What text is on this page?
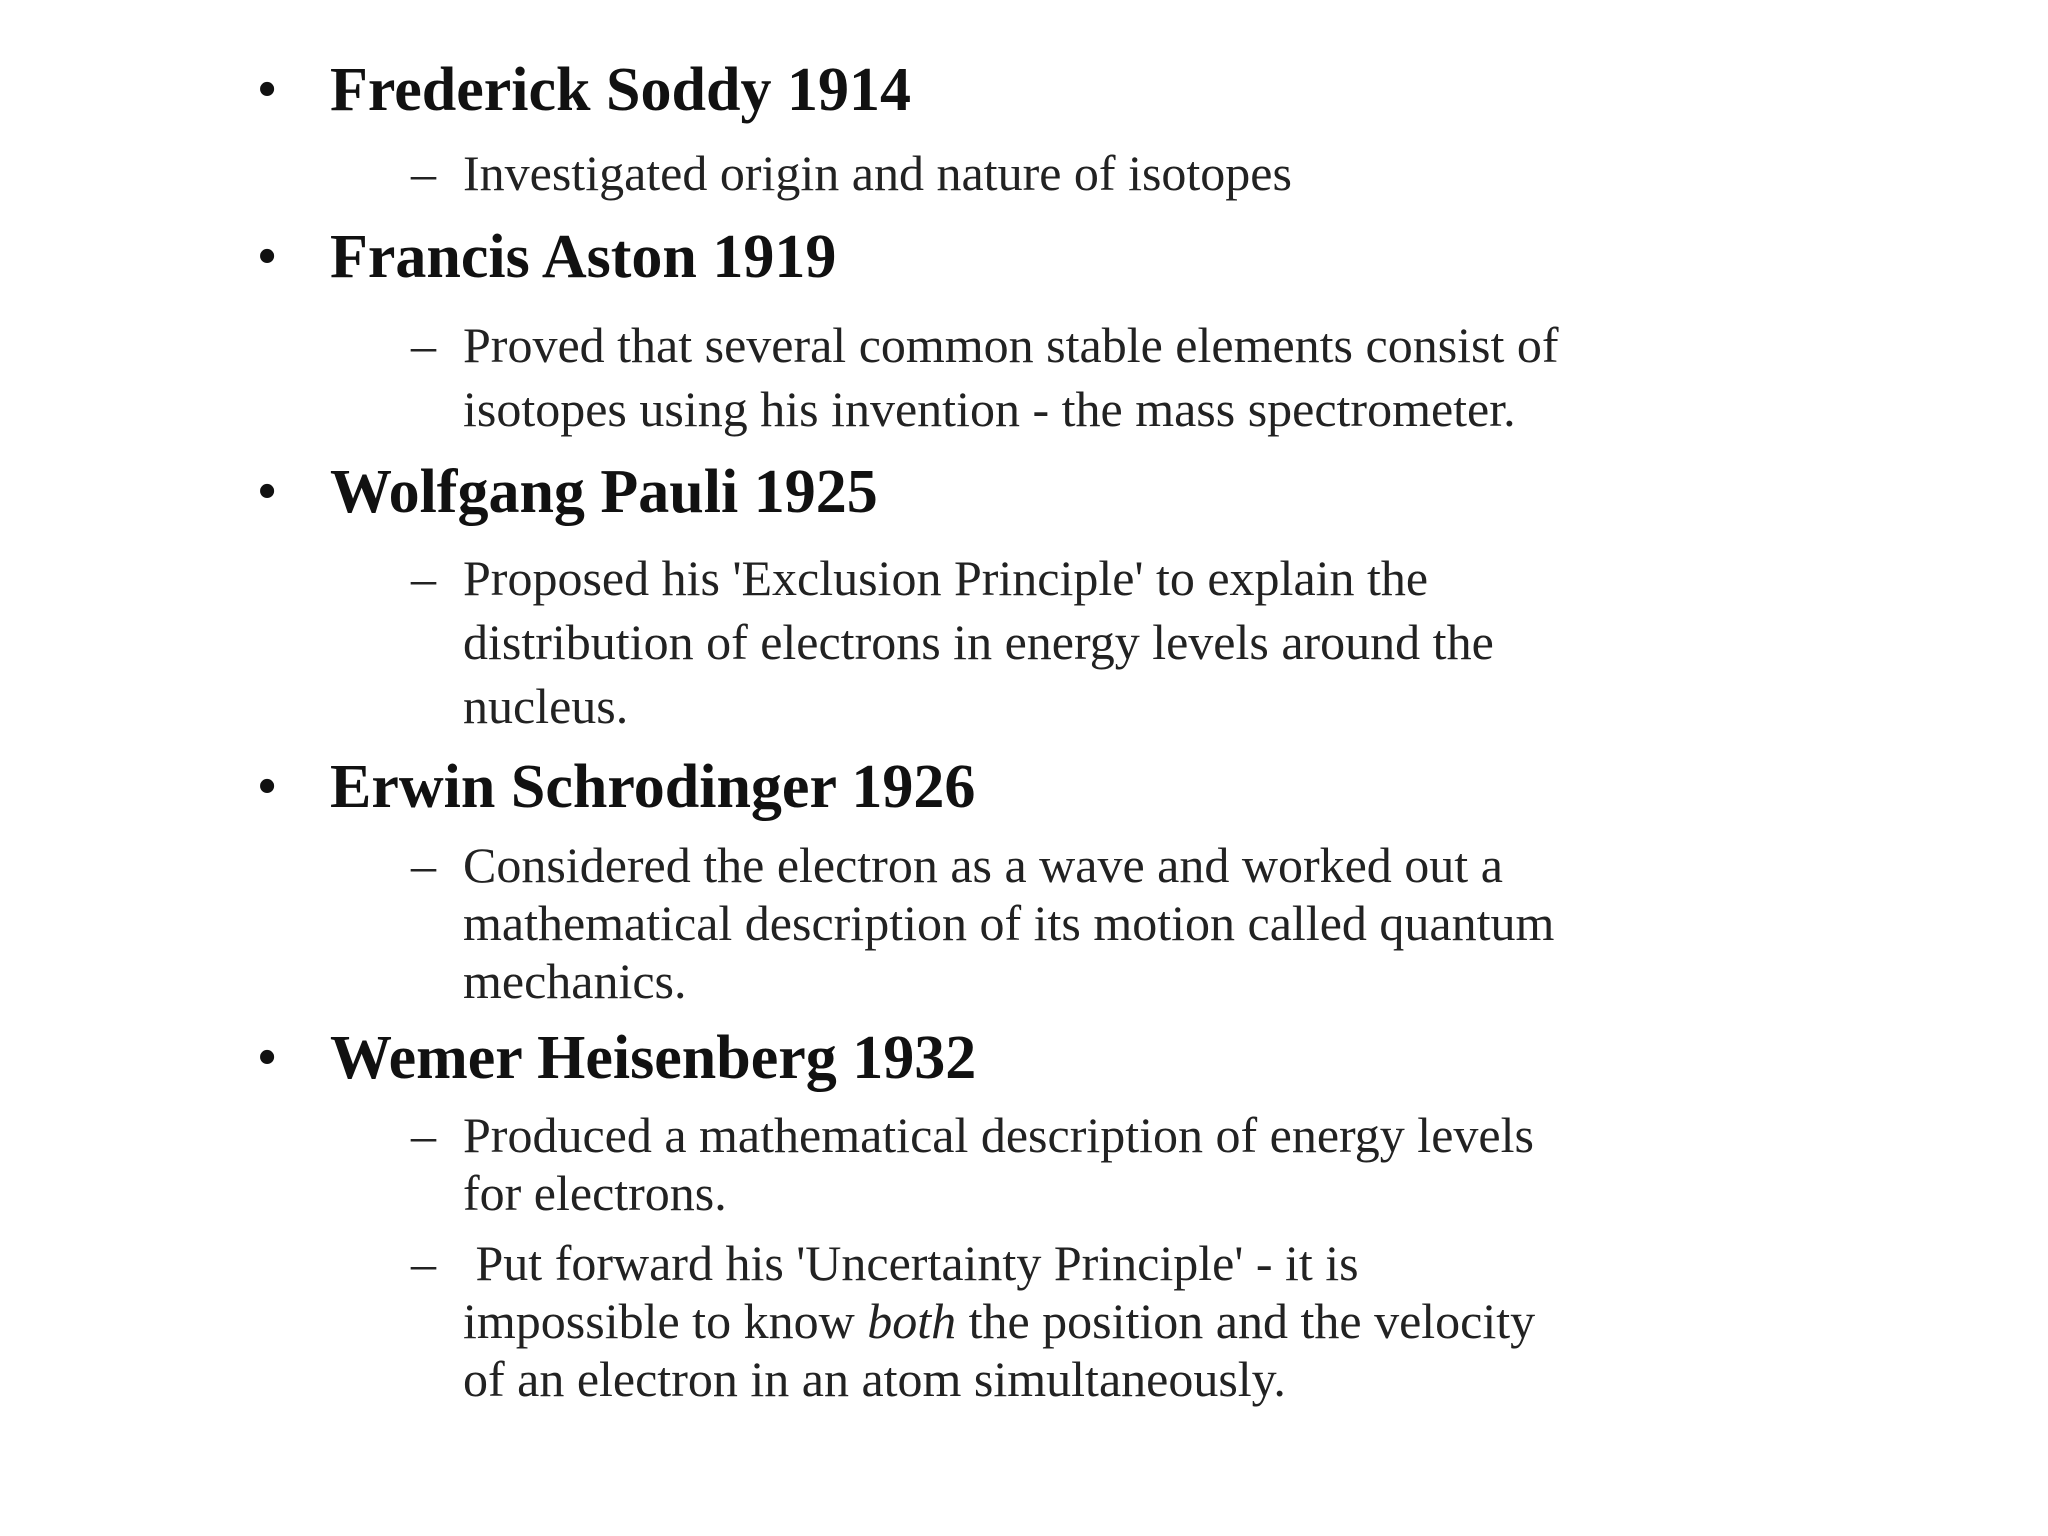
• Frederick Soddy 1914
– Investigated origin and nature of isotopes
• Francis Aston 1919
– Proved that several common stable elements consist of
isotopes using his invention - the mass spectrometer.
• Wolfgang Pauli 1925
– Proposed his 'Exclusion Principle' to explain the
distribution of electrons in energy levels around the
nucleus.
• Erwin Schrodinger 1926
– Considered the electron as a wave and worked out a
mathematical description of its motion called quantum
mechanics.
• Wemer Heisenberg 1932
– Produced a mathematical description of energy levels
for electrons.
– Put forward his 'Uncertainty Principle' - it is
impossible to know both the position and the velocity
of an electron in an atom simultaneously.
